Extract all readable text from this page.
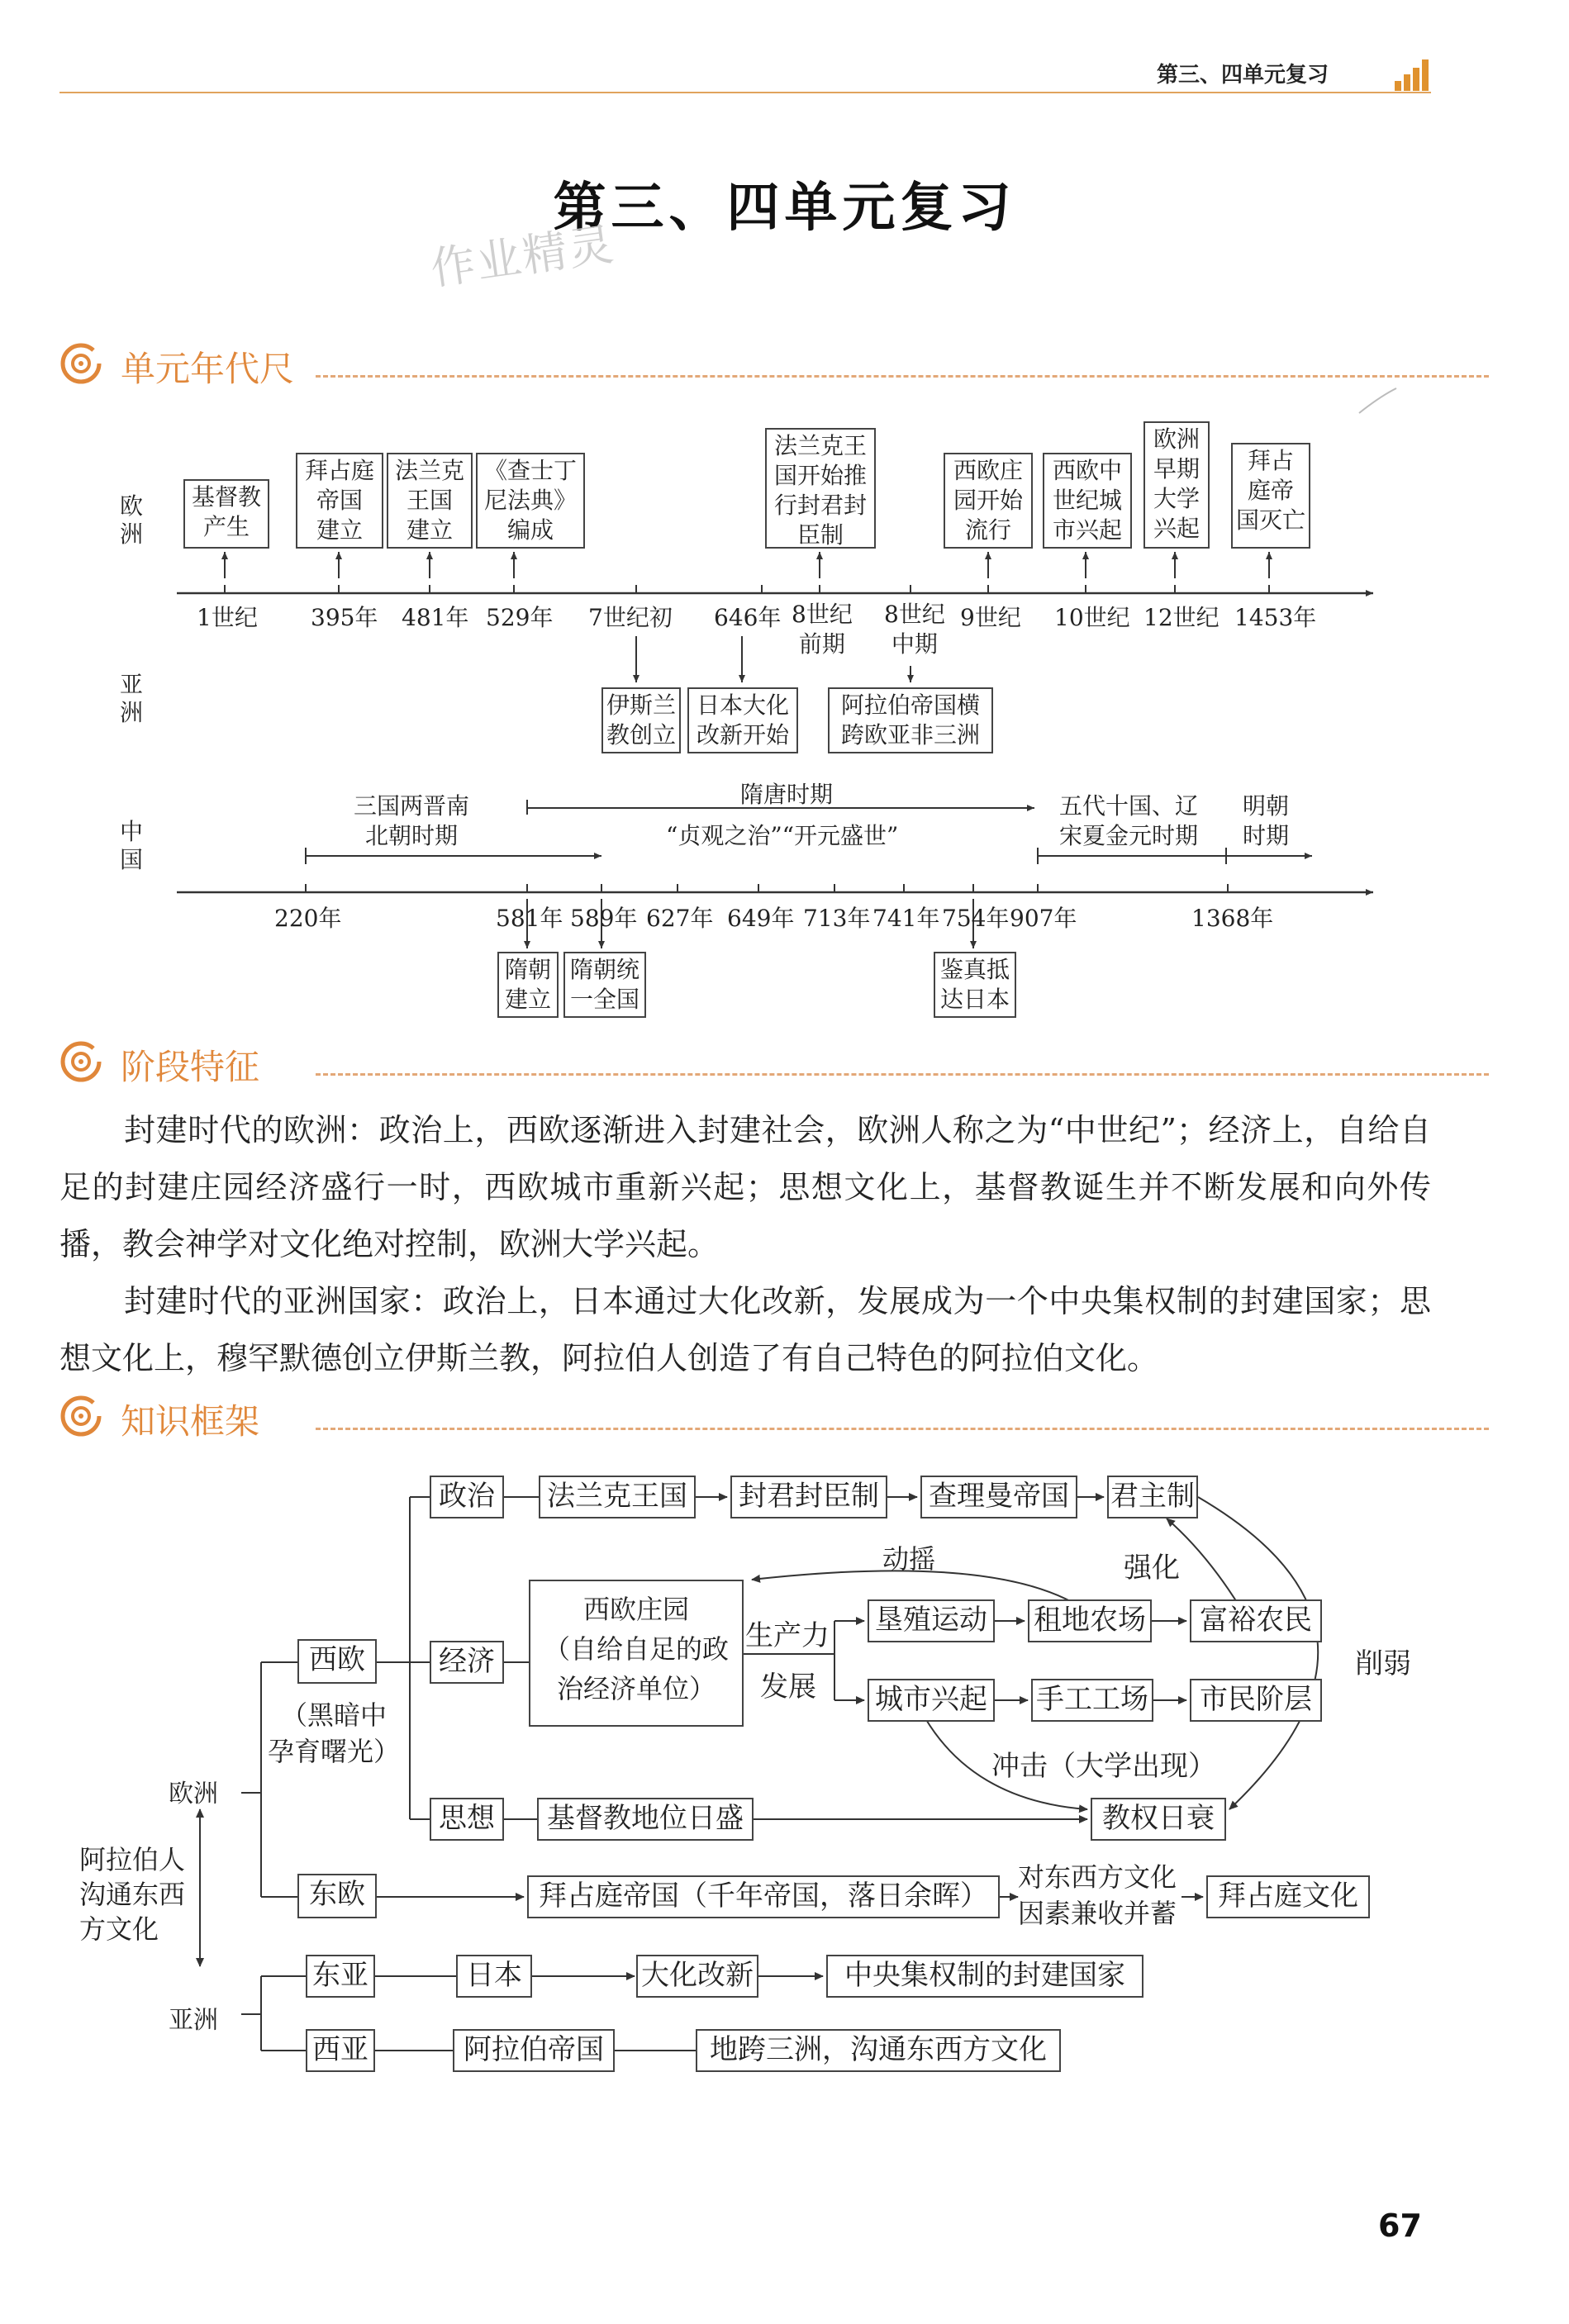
第三、四单元复习
第三、四单元复习
作业精灵
单元年代尺
阶段特征
知识框架
欧洲
亚洲
中国
基督教
产生
拜占庭
帝国
建立
法兰克
王国
建立
《查士丁
尼法典》
编成
法兰克王
国开始推
行封君封
臣制
西欧庄
园开始
流行
西欧中
世纪城
市兴起
欧洲
早期
大学
兴起
拜占
庭帝
国灭亡
1世纪 395年 481年 529年 7世纪初 646年 8世纪
前期
8世纪
中期
9世纪 10世纪 12世纪 1453年
伊斯兰
教创立
日本大化
改新开始
阿拉伯帝国横
跨欧亚非三洲
三国两晋南
北朝时期
隋唐时期
“贞观之治”“开元盛世”
五代十国、辽
宋夏金元时期
明朝
时期
220年	581年 589年 627年 649年 713年 741年 754年 907年	1368年
隋朝
建立
隋朝统
一全国
鉴真抵
达日本
封建时代的欧洲：政治上，西欧逐渐进入封建社会，欧洲人称之为“中世纪”；经济上，自给自足的封建庄园经济盛行一时，西欧城市重新兴起；思想文化上，基督教诞生并不断发展和向外传播，教会神学对文化绝对控制，欧洲大学兴起。
封建时代的亚洲国家：政治上，日本通过大化改新，发展成为一个中央集权制的封建国家；思想文化上，穆罕默德创立伊斯兰教，阿拉伯人创造了有自己特色的阿拉伯文化。
阿拉伯人
沟通东西
方文化
欧洲
亚洲
西欧
（黑暗中
孕育曙光）
东欧
政治
经济
思想
法兰克王国 封君封臣制 查理曼帝国 君主制
西欧庄园
（自给自足的政
治经济单位）
生产力
发展
动摇	强化
削弱
冲击（大学出现）
垦殖运动 租地农场	富裕农民
城市兴起 手工工场	市民阶层
基督教地位日盛	教权日衰
拜占庭帝国（千年帝国，落日余晖）
对东西方文化
因素兼收并蓄
拜占庭文化
东亚	日本	大化改新	中央集权制的封建国家
西亚	阿拉伯帝国	地跨三洲，沟通东西方文化
67
